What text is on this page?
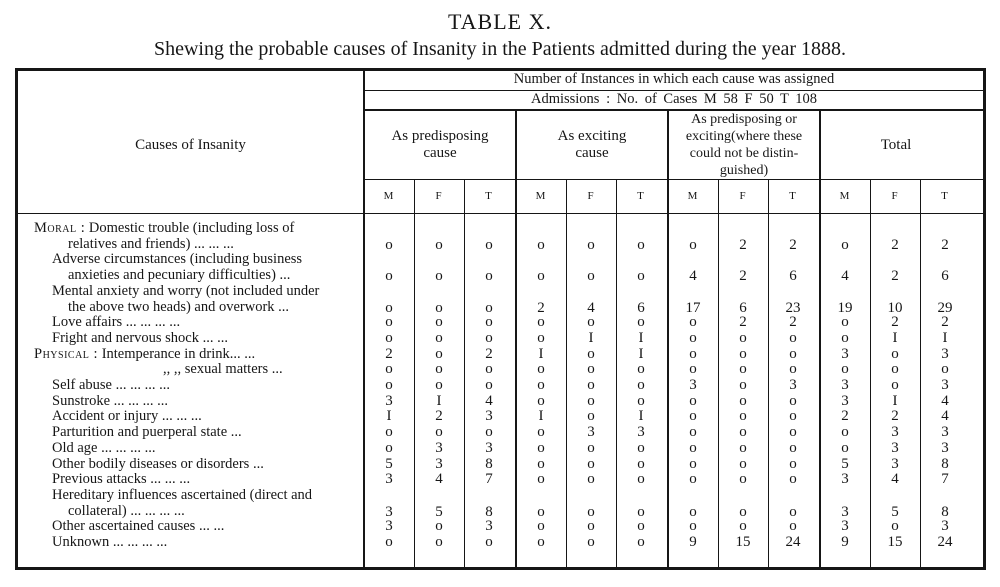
TABLE X.
Shewing the probable causes of Insanity in the Patients admitted during the year 1888.
Causes of Insanity
Number of Instances in which each cause was assigned
Admissions : No. of Cases M 58 F 50 T 108
As predisposing
cause
M	F	T
As exciting
cause
M	F	T
As predisposing or
exciting(where these
could not be distin-
guished)
M	F	T
Total
M	F	T
Moral : Domestic trouble (including loss of
relatives and friends) ... ... ...	o	o	o	o	o	o	o	2	2	o	2	2
Adverse circumstances (including business
anxieties and pecuniary difficulties) ...	o	o	o	o	o	o	4	2	6	4	2	6
Mental anxiety and worry (not included under
the above two heads) and overwork ...	o	o	o	2	4	6	17	6	23	19	10	29
Love affairs ... ... ... ...	o	o	o	o	o	o	o	2	2	o	2	2
Fright and nervous shock ... ...	o	o	o	o	I	I	o	o	o	o	I	I
Physical : Intemperance in drink... ...	2	o	2	I	o	I	o	o	o	3	o	3
,, ,, sexual matters ...	o	o	o	o	o	o	o	o	o	o	o	o
Self abuse ... ... ... ...	o	o	o	o	o	o	3	o	3	3	o	3
Sunstroke ... ... ... ...	3	I	4	o	o	o	o	o	o	3	I	4
Accident or injury ... ... ...	I	2	3	I	o	I	o	o	o	2	2	4
Parturition and puerperal state ...	o	o	o	o	3	3	o	o	o	o	3	3
Old age ... ... ... ...	o	3	3	o	o	o	o	o	o	o	3	3
Other bodily diseases or disorders ...	5	3	8	o	o	o	o	o	o	5	3	8
Previous attacks ... ... ...	3	4	7	o	o	o	o	o	o	3	4	7
Hereditary influences ascertained (direct and
collateral) ... ... ... ...	3	5	8	o	o	o	o	o	o	3	5	8
Other ascertained causes ... ...	3	o	3	o	o	o	o	o	o	3	o	3
Unknown ... ... ... ...	o	o	o	o	o	o	9	15	24	9	15	24
